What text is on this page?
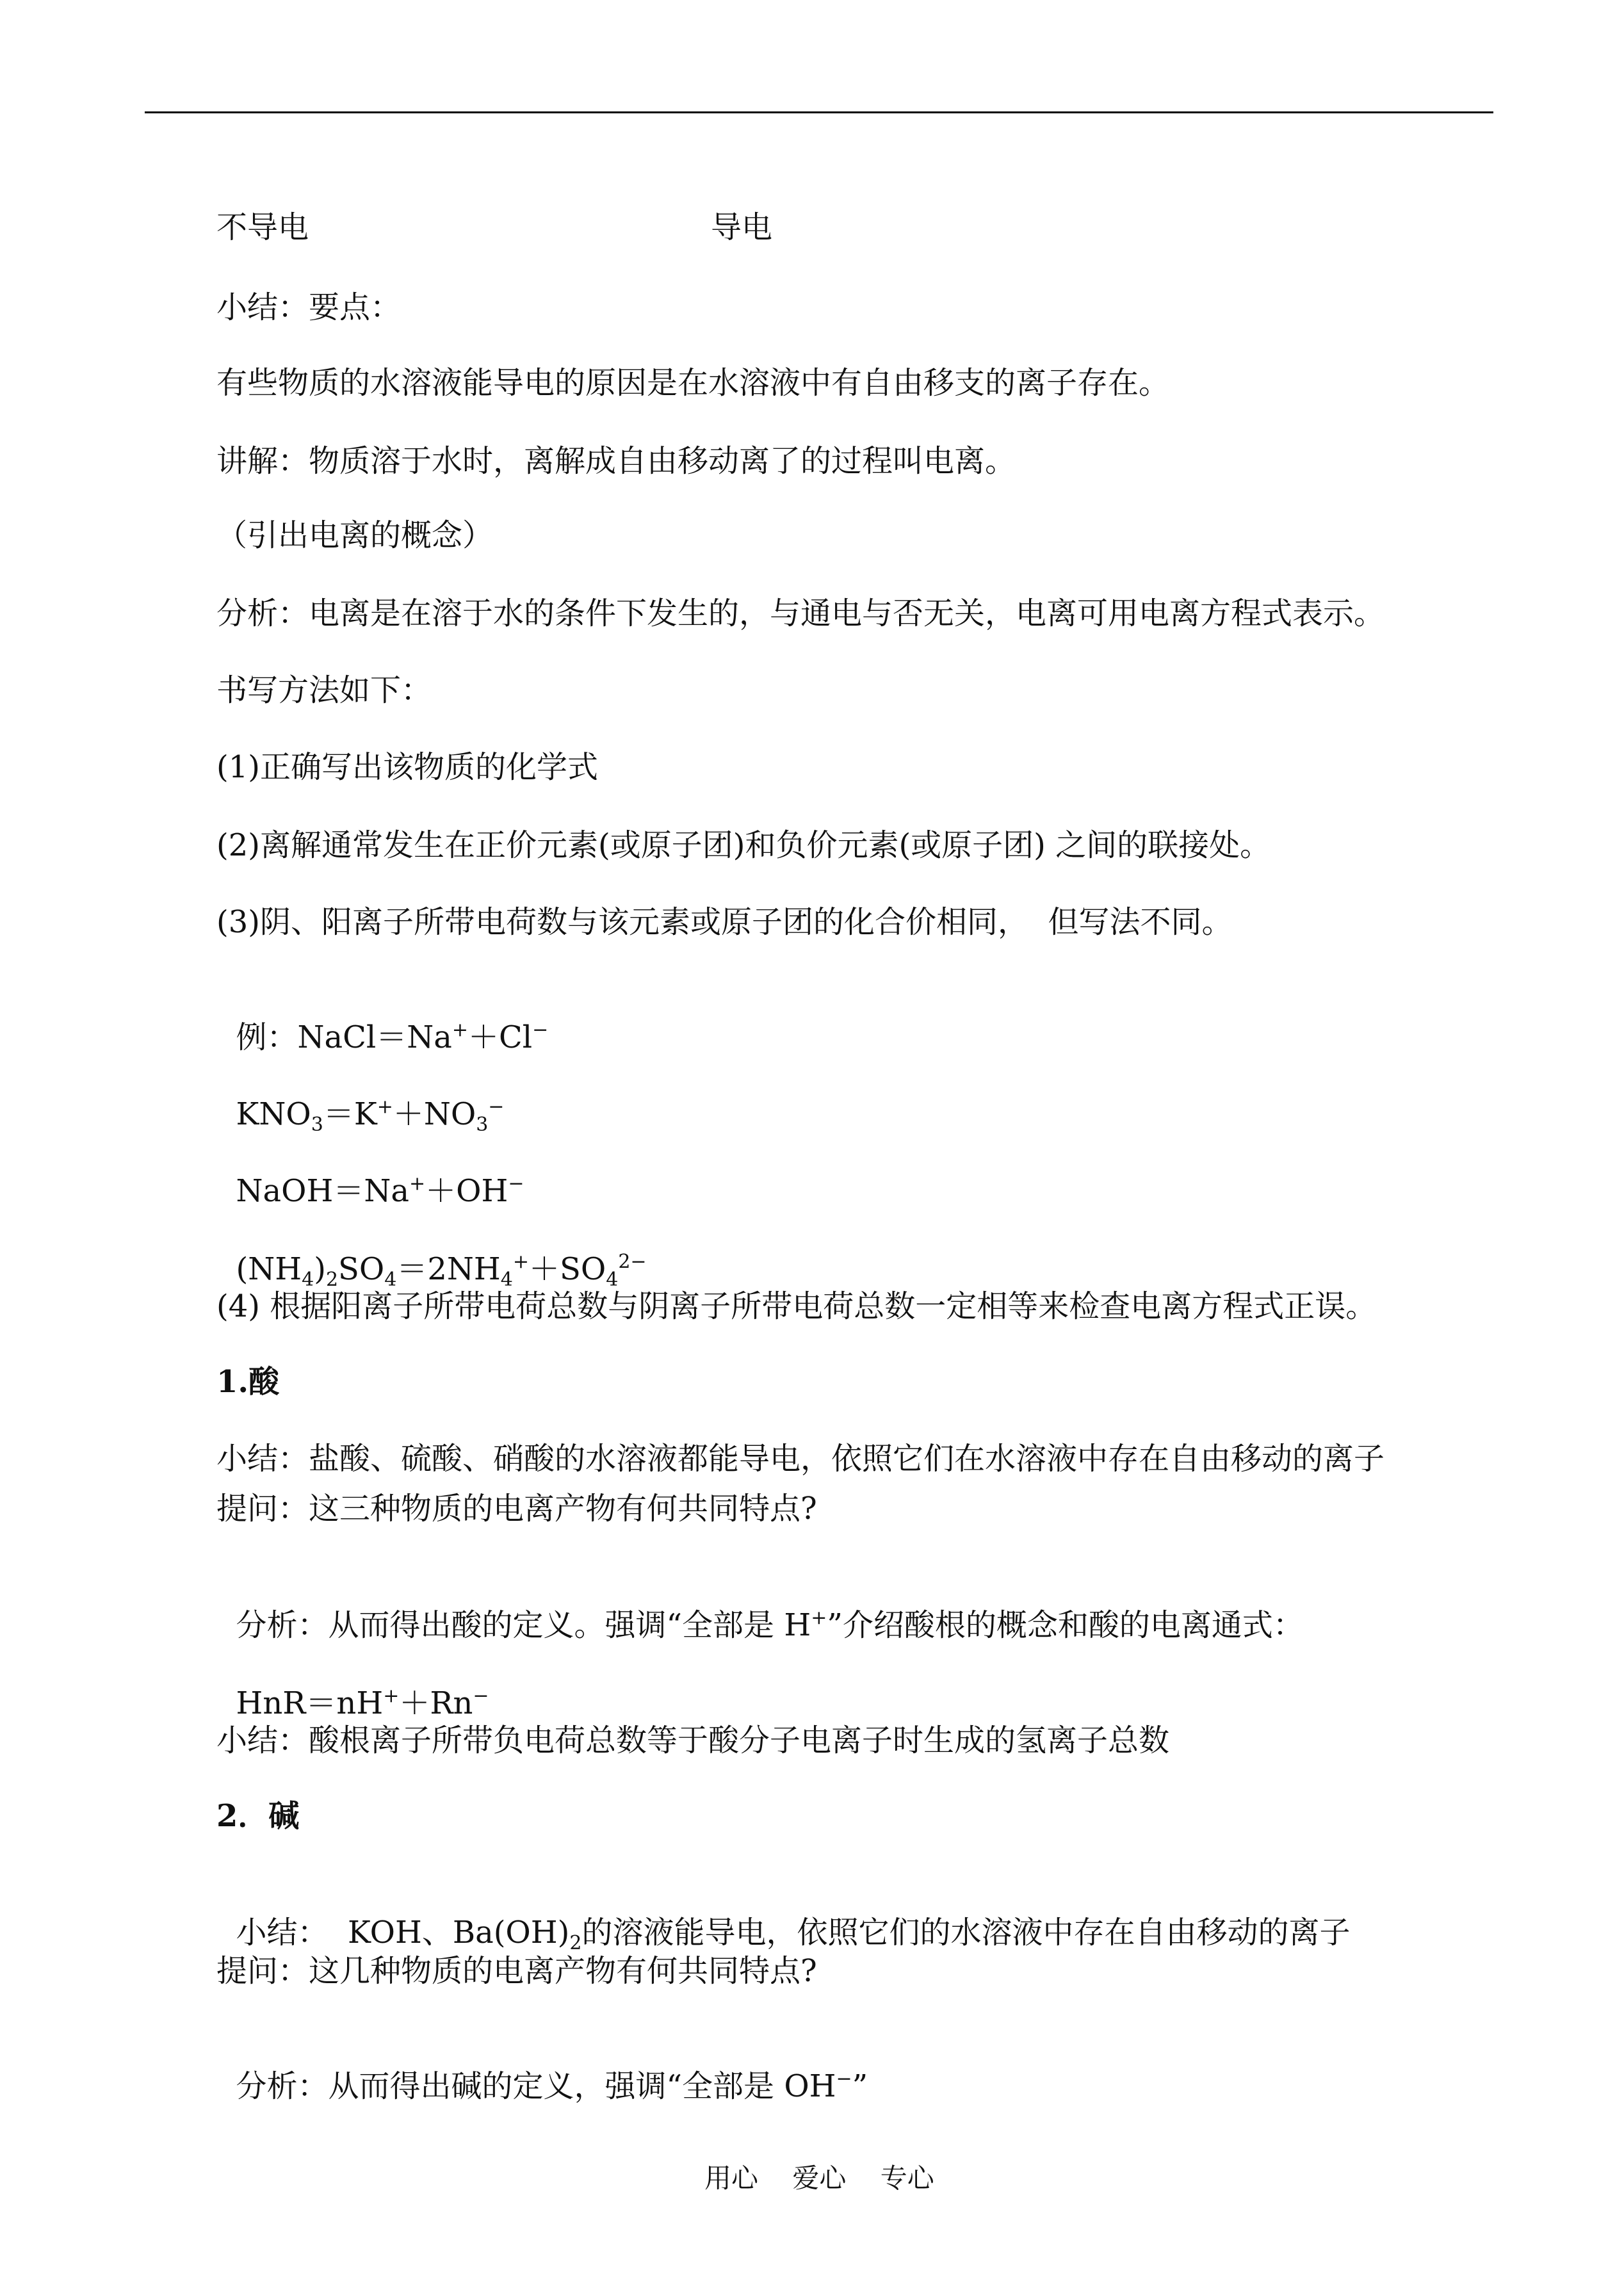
不导电	导电
小结：要点：
有些物质的水溶液能导电的原因是在水溶液中有自由移支的离子存在。
讲解：物质溶于水时，离解成自由移动离了的过程叫电离。
（引出电离的概念）
分析：电离是在溶于水的条件下发生的，与通电与否无关，电离可用电离方程式表示。
书写方法如下：
(1)正确写出该物质的化学式
(2)离解通常发生在正价元素(或原子团)和负价元素(或原子团) 之间的联接处。
(3)阴、阳离子所带电荷数与该元素或原子团的化合价相同，  但写法不同。

例：NaCl＝Na+＋Cl−

$KNO_3=K^++NO_3^-$

NaOH＝Na+＋OH−

$(NH_4)_2SO_4=2NH_4^++SO_4^{2-}$

(4) 根据阳离子所带电荷总数与阴离子所带电荷总数一定相等来检查电离方程式正误。
1.酸
小结：盐酸、硫酸、硝酸的水溶液都能导电，依照它们在水溶液中存在自由移动的离子
提问：这三种物质的电离产物有何共同特点?

分析：从而得出酸的定义。强调“全部是 H+”介绍酸根的概念和酸的电离通式：

HnR＝nH+＋Rn−

小结：酸根离子所带负电荷总数等于酸分子电离子时生成的氢离子总数
2．碱

小结：  KOH、$Ba(OH)_2$的溶液能导电，依照它们的水溶液中存在自由移动的离子

提问：这几种物质的电离产物有何共同特点?

分析：从而得出碱的定义，强调“全部是 OH−”

用心    爱心    专心
